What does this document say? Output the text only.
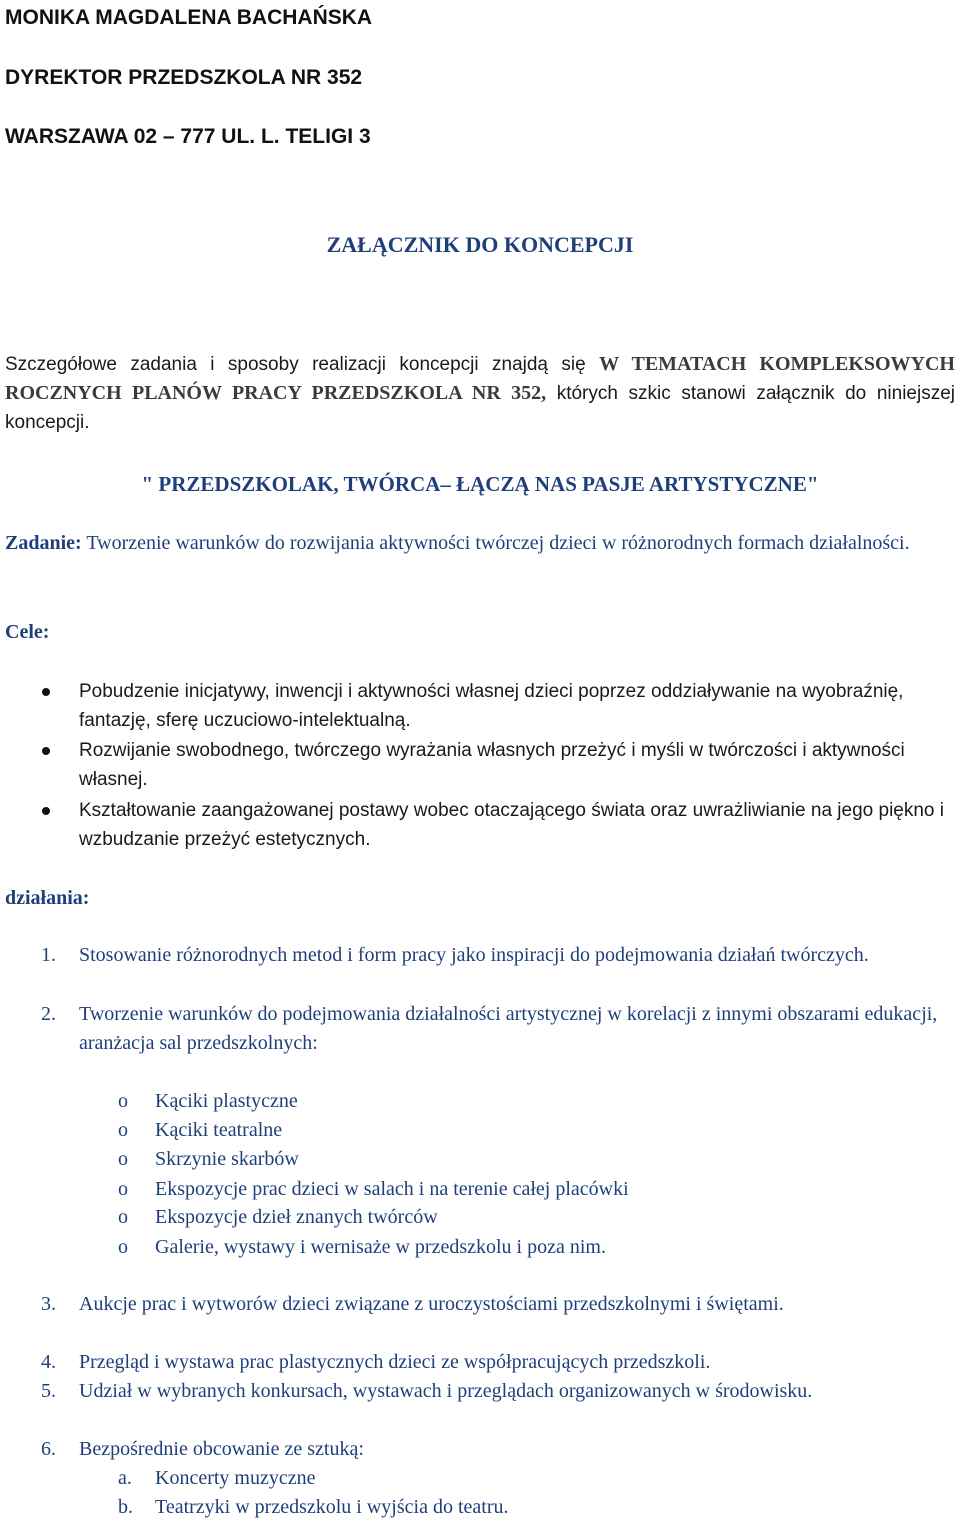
MONIKA MAGDALENA BACHAŃSKA
DYREKTOR PRZEDSZKOLA NR 352
WARSZAWA 02 – 777 UL. L. TELIGI 3
ZAŁĄCZNIK DO KONCEPCJI
Szczegółowe zadania i sposoby realizacji koncepcji znajdą się W TEMATACH KOMPLEKSOWYCH ROCZNYCH PLANÓW PRACY PRZEDSZKOLA NR 352, których szkic stanowi załącznik do niniejszej koncepcji.
" PRZEDSZKOLAK, TWÓRCA– ŁĄCZĄ NAS PASJE ARTYSTYCZNE"
Zadanie: Tworzenie warunków do rozwijania aktywności twórczej dzieci w różnorodnych formach działalności.
Cele:
Pobudzenie inicjatywy, inwencji i aktywności własnej dzieci poprzez oddziaływanie na wyobraźnię, fantazję, sferę uczuciowo-intelektualną.
Rozwijanie swobodnego, twórczego wyrażania własnych przeżyć i myśli w twórczości i aktywności własnej.
Kształtowanie zaangażowanej postawy wobec otaczającego świata oraz uwrażliwianie na jego piękno i wzbudzanie przeżyć estetycznych.
działania:
1. Stosowanie różnorodnych metod i form pracy jako inspiracji do podejmowania działań twórczych.
2. Tworzenie warunków do podejmowania działalności artystycznej w korelacji z innymi obszarami edukacji, aranżacja sal przedszkolnych:
o Kąciki plastyczne
o Kąciki teatralne
o Skrzynie skarbów
o Ekspozycje prac dzieci w salach i na terenie całej placówki
o Ekspozycje dzieł znanych twórców
o Galerie, wystawy i wernisaże w przedszkolu i poza nim.
3. Aukcje prac i wytworów dzieci związane z uroczystościami przedszkolnymi i świętami.
4. Przegląd i wystawa prac plastycznych dzieci ze współpracujących przedszkoli.
5. Udział w wybranych konkursach, wystawach i przeglądach organizowanych w środowisku.
6. Bezpośrednie obcowanie ze sztuką:
a. Koncerty muzyczne
b. Teatrzyki w przedszkolu i wyjścia do teatru.
